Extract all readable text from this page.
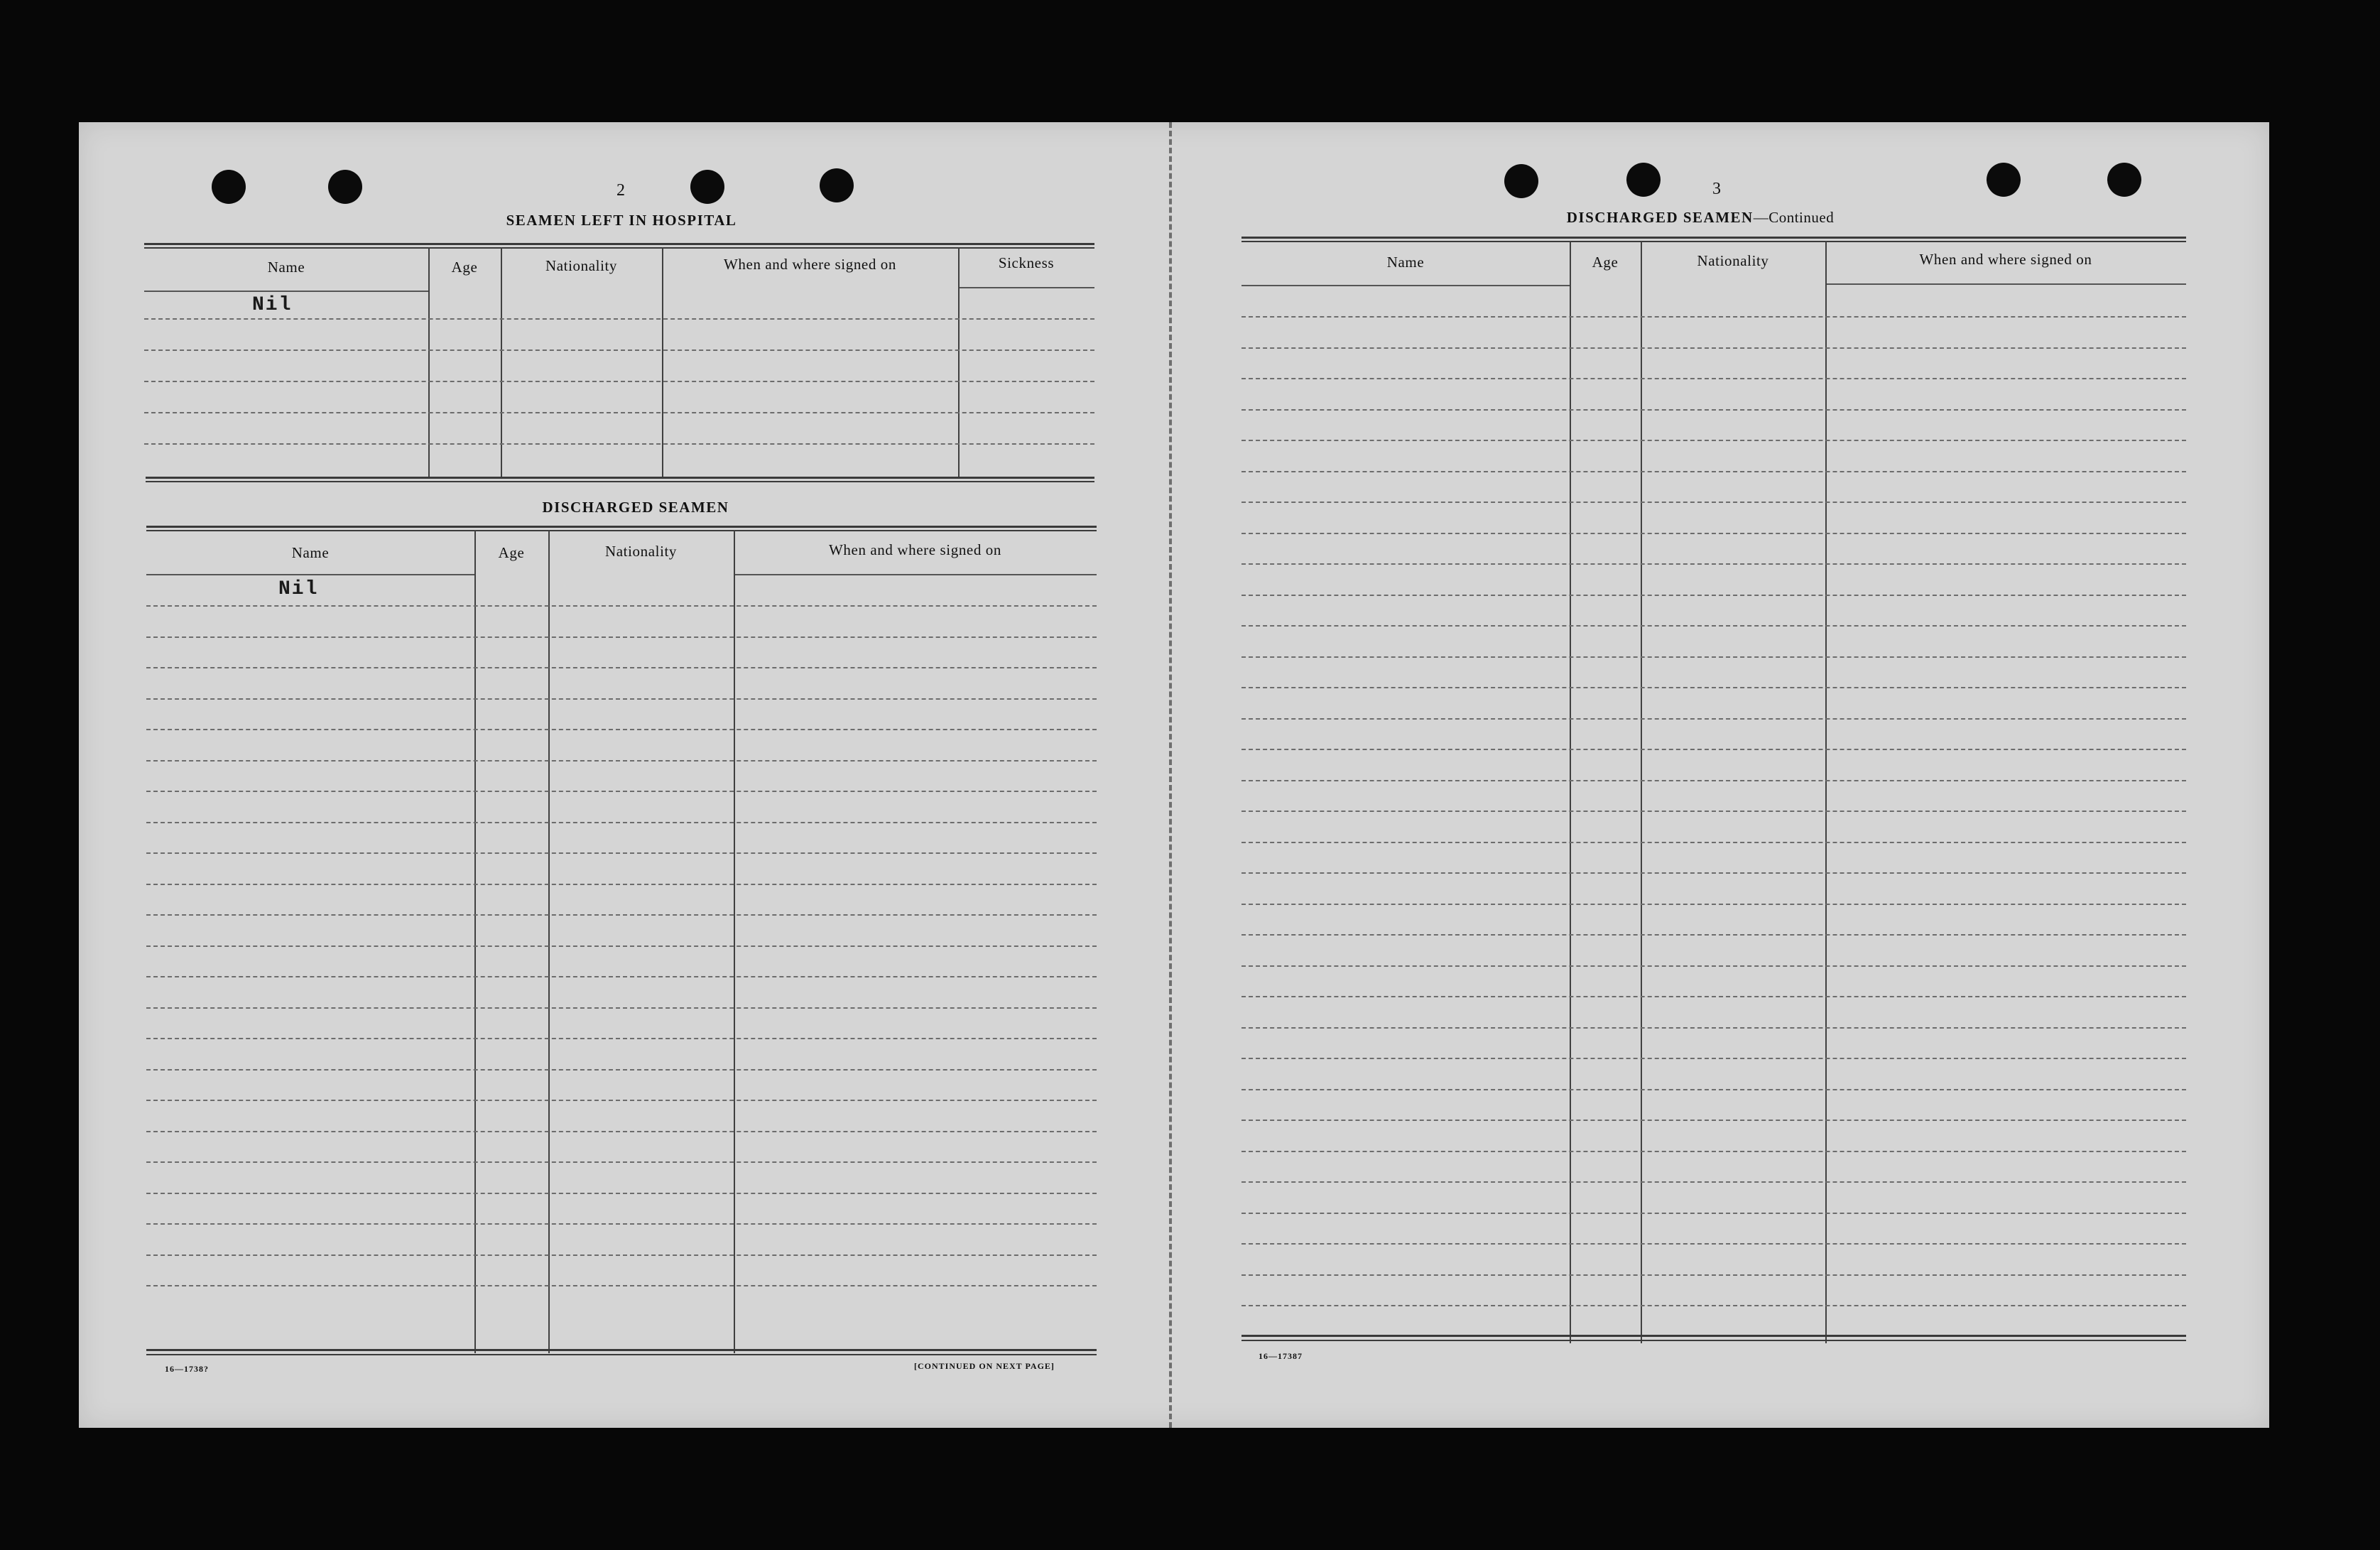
2
SEAMEN LEFT IN HOSPITAL
Name	Age	Nationality	When and where signed on	Sickness
Nil
DISCHARGED SEAMEN
Name	Age	Nationality	When and where signed on
Nil
16—1738?	[CONTINUED ON NEXT PAGE]
3
DISCHARGED SEAMEN—Continued
Name	Age	Nationality	When and where signed on
16—17387
